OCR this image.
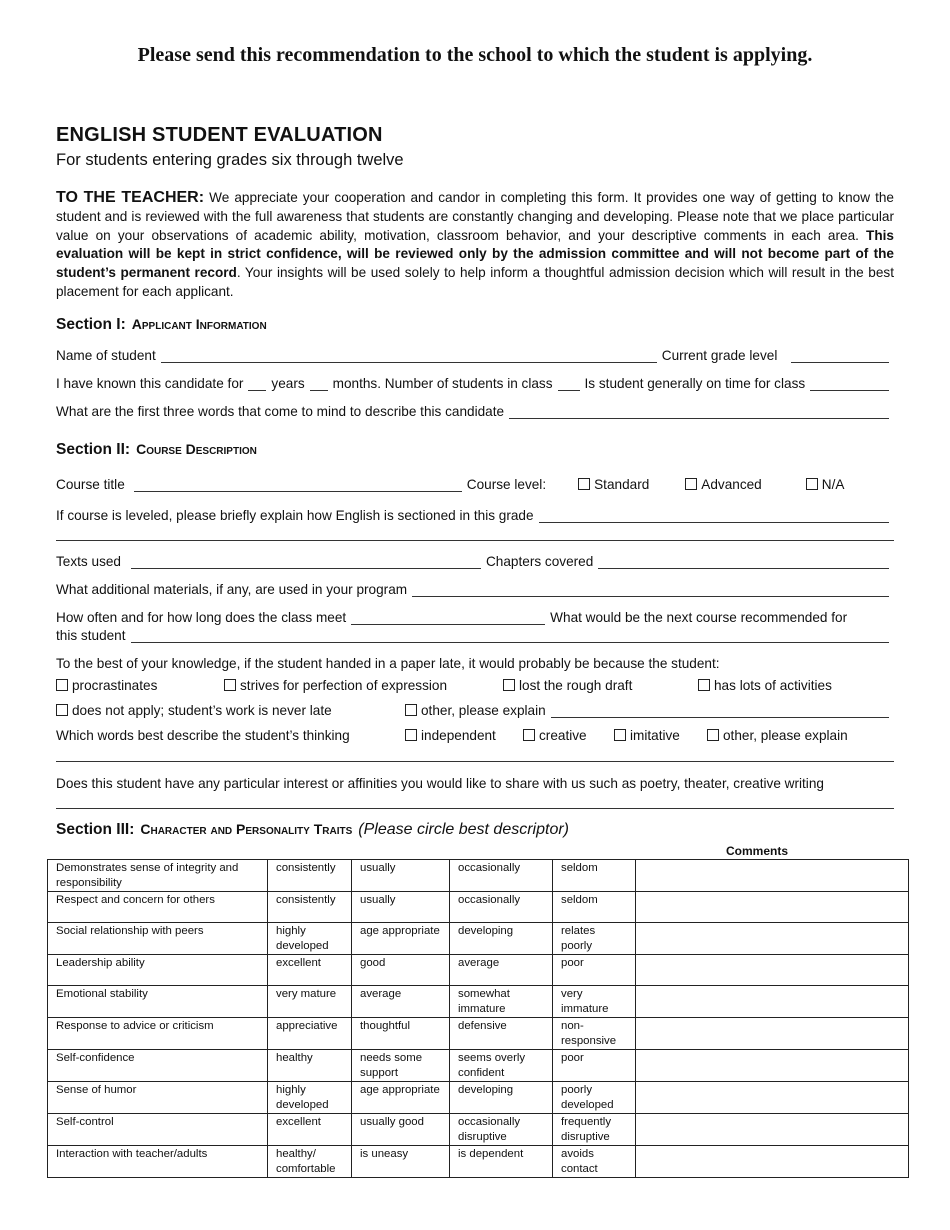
Please send this recommendation to the school to which the student is applying.
ENGLISH STUDENT EVALUATION
For students entering grades six through twelve
TO THE TEACHER: We appreciate your cooperation and candor in completing this form. It provides one way of getting to know the student and is reviewed with the full awareness that students are constantly changing and developing. Please note that we place particular value on your observations of academic ability, motivation, classroom behavior, and your descriptive comments in each area. This evaluation will be kept in strict confidence, will be reviewed only by the admission committee and will not become part of the student’s permanent record. Your insights will be used solely to help inform a thoughtful admission decision which will result in the best placement for each applicant.
Section I: Applicant Information
Name of student	Current grade level
I have known this candidate for years months. Number of students in class Is student generally on time for class
What are the first three words that come to mind to describe this candidate
Section II: Course Description
Course title	Course level:	Standard	Advanced	N/A
If course is leveled, please briefly explain how English is sectioned in this grade
Texts used	Chapters covered
What additional materials, if any, are used in your program
How often and for how long does the class meet	What would be the next course recommended for
this student
To the best of your knowledge, if the student handed in a paper late, it would probably be because the student:
procrastinates	strives for perfection of expression	lost the rough draft	has lots of activities
does not apply; student’s work is never late	other, please explain
Which words best describe the student’s thinking	independent	creative	imitative	other, please explain
Does this student have any particular interest or affinities you would like to share with us such as poetry, theater, creative writing
Section III: Character and Personality Traits (Please circle best descriptor)
Comments
Demonstrates sense of integrity and responsibility	consistently	usually	occasionally	seldom	
Respect and concern for others	consistently	usually	occasionally	seldom	
Social relationship with peers	highly developed	age appropriate	developing	relates poorly	
Leadership ability	excellent	good	average	poor	
Emotional stability	very mature	average	somewhat immature	very immature	
Response to advice or criticism	appreciative	thoughtful	defensive	non-responsive	
Self-confidence	healthy	needs some support	seems overly confident	poor	
Sense of humor	highly developed	age appropriate	developing	poorly developed	
Self-control	excellent	usually good	occasionally disruptive	frequently disruptive	
Interaction with teacher/adults	healthy/ comfortable	is uneasy	is dependent	avoids contact	
